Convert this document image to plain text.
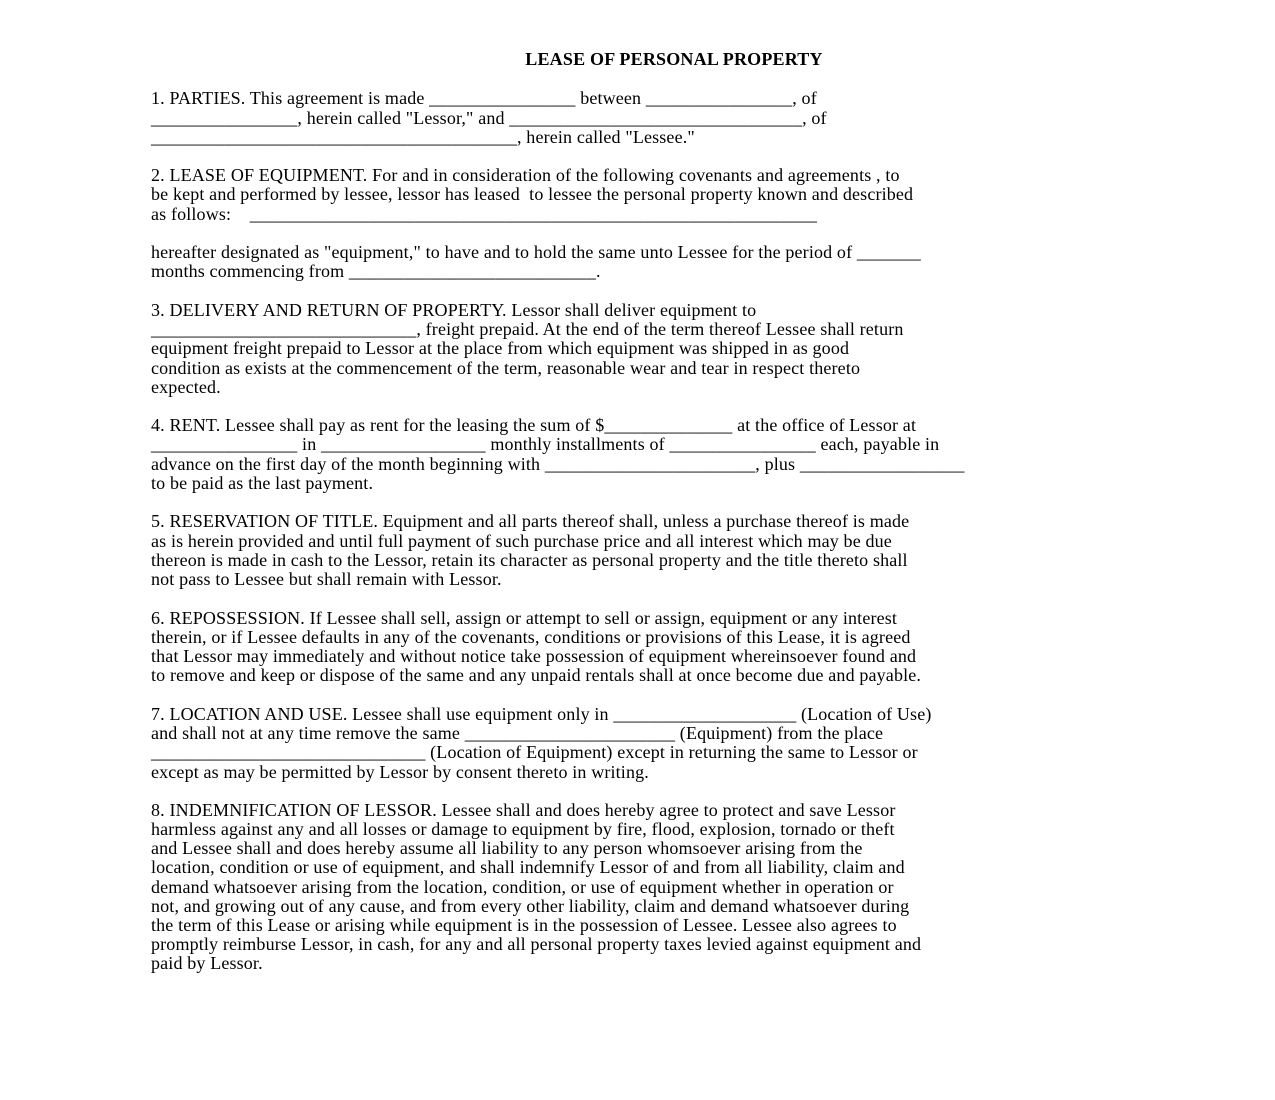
LEASE OF PERSONAL PROPERTY
1. PARTIES. This agreement is made ________________ between ________________, of
________________, herein called "Lessor," and ________________________________, of
________________________________________, herein called "Lessee."
2. LEASE OF EQUIPMENT. For and in consideration of the following covenants and agreements , to
be kept and performed by lessee, lessor has leased  to lessee the personal property known and described
as follows:    ______________________________________________________________
hereafter designated as "equipment," to have and to hold the same unto Lessee for the period of _______
months commencing from ___________________________.
3. DELIVERY AND RETURN OF PROPERTY. Lessor shall deliver equipment to
_____________________________, freight prepaid. At the end of the term thereof Lessee shall return
equipment freight prepaid to Lessor at the place from which equipment was shipped in as good
condition as exists at the commencement of the term, reasonable wear and tear in respect thereto
expected.
4. RENT. Lessee shall pay as rent for the leasing the sum of $______________ at the office of Lessor at
________________ in __________________ monthly installments of ________________ each, payable in
advance on the first day of the month beginning with _______________________, plus __________________
to be paid as the last payment.
5. RESERVATION OF TITLE. Equipment and all parts thereof shall, unless a purchase thereof is made
as is herein provided and until full payment of such purchase price and all interest which may be due
thereon is made in cash to the Lessor, retain its character as personal property and the title thereto shall
not pass to Lessee but shall remain with Lessor.
6. REPOSSESSION. If Lessee shall sell, assign or attempt to sell or assign, equipment or any interest
therein, or if Lessee defaults in any of the covenants, conditions or provisions of this Lease, it is agreed
that Lessor may immediately and without notice take possession of equipment whereinsoever found and
to remove and keep or dispose of the same and any unpaid rentals shall at once become due and payable.
7. LOCATION AND USE. Lessee shall use equipment only in ____________________ (Location of Use)
and shall not at any time remove the same _______________________ (Equipment) from the place
______________________________ (Location of Equipment) except in returning the same to Lessor or
except as may be permitted by Lessor by consent thereto in writing.
8. INDEMNIFICATION OF LESSOR. Lessee shall and does hereby agree to protect and save Lessor
harmless against any and all losses or damage to equipment by fire, flood, explosion, tornado or theft
and Lessee shall and does hereby assume all liability to any person whomsoever arising from the
location, condition or use of equipment, and shall indemnify Lessor of and from all liability, claim and
demand whatsoever arising from the location, condition, or use of equipment whether in operation or
not, and growing out of any cause, and from every other liability, claim and demand whatsoever during
the term of this Lease or arising while equipment is in the possession of Lessee. Lessee also agrees to
promptly reimburse Lessor, in cash, for any and all personal property taxes levied against equipment and
paid by Lessor.
